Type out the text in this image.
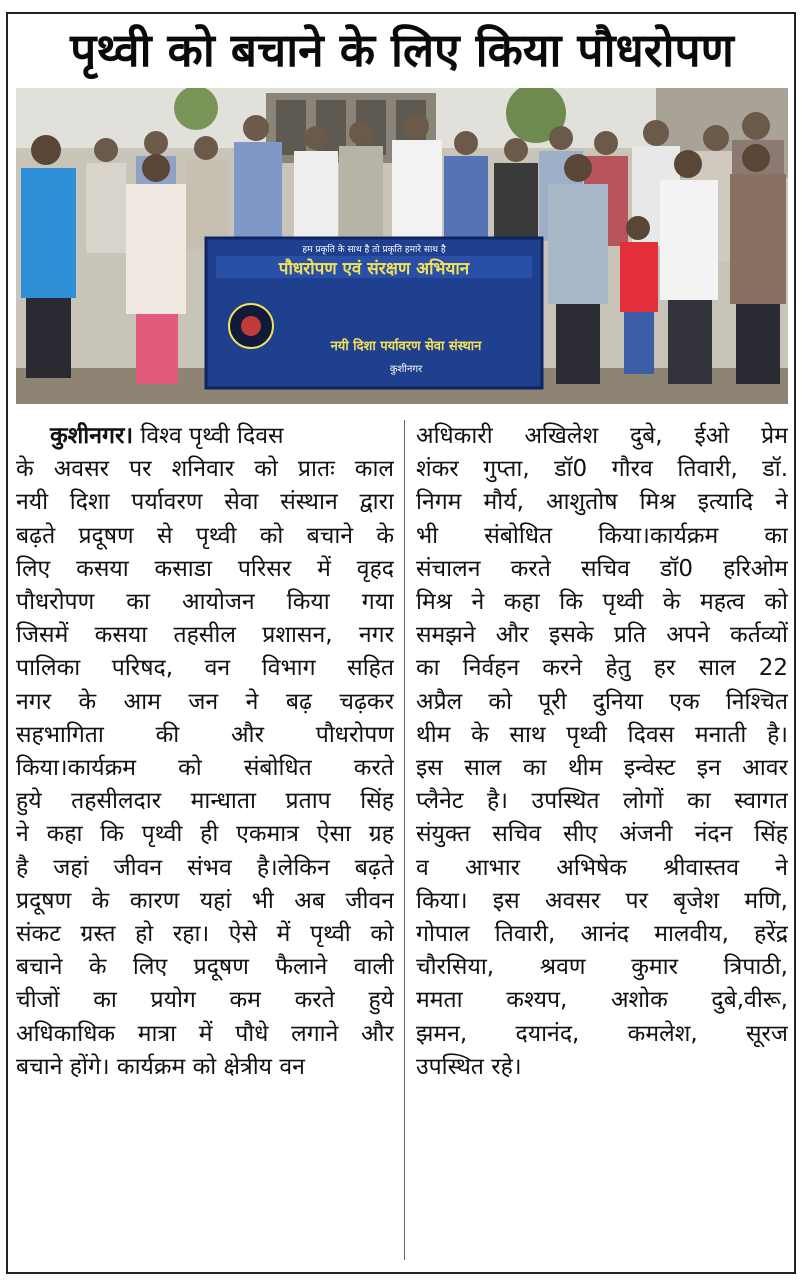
पृथ्वी को बचाने के लिए किया पौधरोपण
हम प्रकृति के साथ है तो प्रकृति हमारे साथ है
पौधरोपण एवं संरक्षण अभियान
नयी दिशा पर्यावरण सेवा संस्थान
कुशीनगर
कुशीनगर। विश्व पृथ्वी दिवस
के अवसर पर शनिवार को प्रातः काल
नयी दिशा पर्यावरण सेवा संस्थान द्वारा
बढ़ते प्रदूषण से पृथ्वी को बचाने के
लिए कसया कसाडा परिसर में वृहद
पौधरोपण का आयोजन किया गया
जिसमें कसया तहसील प्रशासन, नगर
पालिका परिषद, वन विभाग सहित
नगर के आम जन ने बढ़ चढ़कर
सहभागिता की और पौधरोपण
किया।कार्यक्रम को संबोधित करते
हुये तहसीलदार मान्धाता प्रताप सिंह
ने कहा कि पृथ्वी ही एकमात्र ऐसा ग्रह
है जहां जीवन संभव है।लेकिन बढ़ते
प्रदूषण के कारण यहां भी अब जीवन
संकट ग्रस्त हो रहा। ऐसे में पृथ्वी को
बचाने के लिए प्रदूषण फैलाने वाली
चीजों का प्रयोग कम करते हुये
अधिकाधिक मात्रा में पौधे लगाने और
बचाने होंगे। कार्यक्रम को क्षेत्रीय वन
अधिकारी अखिलेश दुबे, ईओ प्रेम
शंकर गुप्ता, डॉ0 गौरव तिवारी, डॉ.
निगम मौर्य, आशुतोष मिश्र इत्यादि ने
भी संबोधित किया।कार्यक्रम का
संचालन करते सचिव डॉ0 हरिओम
मिश्र ने कहा कि पृथ्वी के महत्व को
समझने और इसके प्रति अपने कर्तव्यों
का निर्वहन करने हेतु हर साल 22
अप्रैल को पूरी दुनिया एक निश्चित
थीम के साथ पृथ्वी दिवस मनाती है।
इस साल का थीम इन्वेस्ट इन आवर
प्लैनेट है। उपस्थित लोगों का स्वागत
संयुक्त सचिव सीए अंजनी नंदन सिंह
व आभार अभिषेक श्रीवास्तव ने
किया। इस अवसर पर बृजेश मणि,
गोपाल तिवारी, आनंद मालवीय, हरेंद्र
चौरसिया, श्रवण कुमार त्रिपाठी,
ममता कश्यप, अशोक दुबे,वीरू,
झमन, दयानंद, कमलेश, सूरज
उपस्थित रहे।
